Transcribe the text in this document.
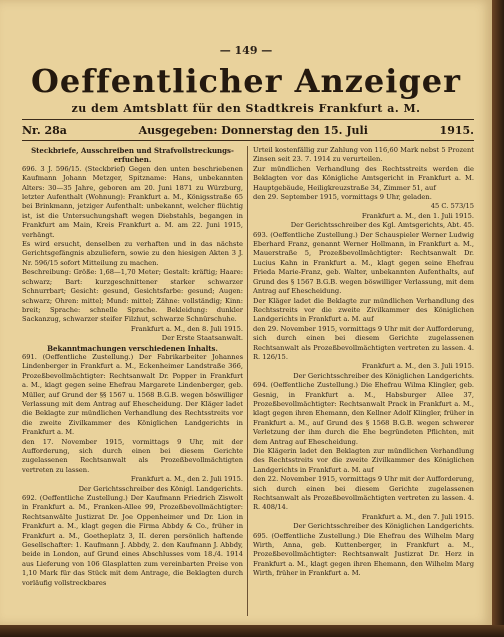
— 149 —
Oeffentlicher Anzeiger
zu dem Amtsblatt für den Stadtkreis Frankfurt a. M.
Nr. 28a	Ausgegeben: Donnerstag den 15. Juli	1915.

Steckbriefe, Ausschreiben und Strafvollstreckungs-erfuchen.

696. 3 J. 596/15. (Steckbrief) Gegen den unten beschriebenen Kaufmann Johann Metzger, Spitzname: Hans, unbekannten Alters: 30—35 Jahre, geboren am 20. Juni 1871 zu Würzburg, letzter Aufenthalt (Wohnung): Frankfurt a. M., Königsstraße 65 bei Brinkmann, jetziger Aufenthalt: unbekannt, welcher flüchtig ist, ist die Untersuchungshaft wegen Diebstahls, begangen in Frankfurt am Main, Kreis Frankfurt a. M. am 22. Juni 1915, verhängt.

Es wird ersucht, denselben zu verhaften und in das nächste Gerichtsgefängnis abzuliefern, sowie zu den hiesigen Akten 3 J. Nr. 596/15 sofort Mitteilung zu machen.

Beschreibung: Größe: 1,68—1,70 Meter; Gestalt: kräftig; Haare: schwarz; Bart: kurzgeschnittener starker schwarzer Schnurrbart; Gesicht: gesund, Gesichtsfarbe: gesund; Augen: schwarz; Ohren: mittel; Mund: mittel; Zähne: vollständig; Kinn: breit; Sprache: schnelle Sprache. Bekleidung: dunkler Sackanzug, schwarzer steifer Filzhut, schwarze Schnürschuhe.

Frankfurt a. M., den 8. Juli 1915.

Der Erste Staatsanwalt.

Bekanntmachungen verschiedenen Inhalts.

691. (Oeffentliche Zustellung.) Der Fabrikarbeiter Johannes Lindenberger in Frankfurt a. M., Eckenheimer Landstraße 366, Prozeßbevollmächtigter: Rechtsanwalt Dr. Popper in Frankfurt a. M., klagt gegen seine Ehefrau Margarete Lindenberger, geb. Müller, auf Grund der §§ 1567 u. 1568 B.G.B. wegen böswilliger Verlassung mit dem Antrag auf Ehescheidung. Der Kläger ladet die Beklagte zur mündlichen Verhandlung des Rechtsstreits vor die zweite Zivilkammer des Königlichen Landgerichts in Frankfurt a. M.

den 17. November 1915, vormittags 9 Uhr, mit der Aufforderung, sich durch einen bei diesem Gerichte zugelassenen Rechtsanwalt als Prozeßbevollmächtigten vertreten zu lassen.

Frankfurt a. M., den 2. Juli 1915.

Der Gerichtsschreiber des Königl. Landgerichts.

692. (Oeffentliche Zustellung.) Der Kaufmann Friedrich Ziswolt in Frankfurt a. M., Franken-Allee 99, Prozeßbevollmächtigter: Rechtsanwälte Justizrat Dr. Joe Oppenheimer und Dr. Lion in Frankfurt a. M., klagt gegen die Firma Abbdy & Co., früher in Frankfurt a. M., Goetheplatz 3, II. deren persönlich haftende Gesellschafter: 1. Kaufmann J. Abbdy, 2. den Kaufmann J. Abbdy, beide in London, auf Grund eines Abschlusses vom 18./4. 1914 aus Lieferung von 106 Glasplatten zum vereinbarten Preise von 1,10 Mark für das Stück mit dem Antrage, die Beklagten durch vorläufig vollstreckbares

Urteil kostenfällig zur Zahlung von 116,60 Mark nebst 5 Prozent Zinsen seit 23. 7. 1914 zu verurteilen.

Zur mündlichen Verhandlung des Rechtsstreits werden die Beklagten vor das Königliche Amtsgericht in Frankfurt a. M. Hauptgebäude, Heiligkreuzstraße 34, Zimmer 51, auf

den 29. September 1915, vormittags 9 Uhr, geladen.

45 C. 573/15

Frankfurt a. M., den 1. Juli 1915.

Der Gerichtsschreiber des Kgl. Amtsgerichts, Abt. 45.

693. (Oeffentliche Zustellung.) Der Schauspieler Werner Ludwig Eberhard Franz, genannt Werner Hollmann, in Frankfurt a. M., Mauerstraße 5, Prozeßbevollmächtigter: Rechtsanwalt Dr. Lucius Kahn in Frankfurt a. M., klagt gegen seine Ehefrau Frieda Marie-Franz, geb. Walter, unbekannten Aufenthalts, auf Grund des § 1567 B.G.B. wegen böswilliger Verlassung, mit dem Antrag auf Ehescheidung.

Der Kläger ladet die Beklagte zur mündlichen Verhandlung des Rechtsstreits vor die zweite Zivilkammer des Königlichen Landgerichts in Frankfurt a. M. auf

den 29. November 1915, vormittags 9 Uhr mit der Aufforderung, sich durch einen bei diesem Gerichte zugelassenen Rechtsanwalt als Prozeßbevollmächtigten vertreten zu lassen. 4. R. 126/15.

Frankfurt a. M., den 3. Juli 1915.

Der Gerichtsschreiber des Königlichen Landgerichts.

694. (Oeffentliche Zustellung.) Die Ehefrau Wilma Klingler, geb. Gesnig, in Frankfurt a. M., Habsburger Allee 37, Prozeßbevollmächtigter: Rechtsanwalt Prack in Frankfurt a. M., klagt gegen ihren Ehemann, den Kellner Adolf Klingler, früher in Frankfurt a. M., auf Grund des § 1568 B.G.B. wegen schwerer Verletzung der ihm durch die Ehe begründeten Pflichten, mit dem Antrag auf Ehescheidung.

Die Klägerin ladet den Beklagten zur mündlichen Verhandlung des Rechtsstreits vor die zweite Zivilkammer des Königlichen Landgerichts in Frankfurt a. M. auf

den 22. November 1915, vormittags 9 Uhr mit der Aufforderung, sich durch einen bei diesem Gerichte zugelassenen Rechtsanwalt als Prozeßbevollmächtigten vertreten zu lassen. 4. R. 408/14.

Frankfurt a. M., den 7. Juli 1915.

Der Gerichtsschreiber des Königlichen Landgerichts.

695. (Oeffentliche Zustellung.) Die Ehefrau des Wilhelm Marg Wirth, Anna, geb. Kuttenberger, in Frankfurt a. M., Prozeßbevollmächtigter: Rechtsanwalt Justizrat Dr. Herz in Frankfurt a. M., klagt gegen ihren Ehemann, den Wilhelm Marg Wirth, früher in Frankfurt a. M.
